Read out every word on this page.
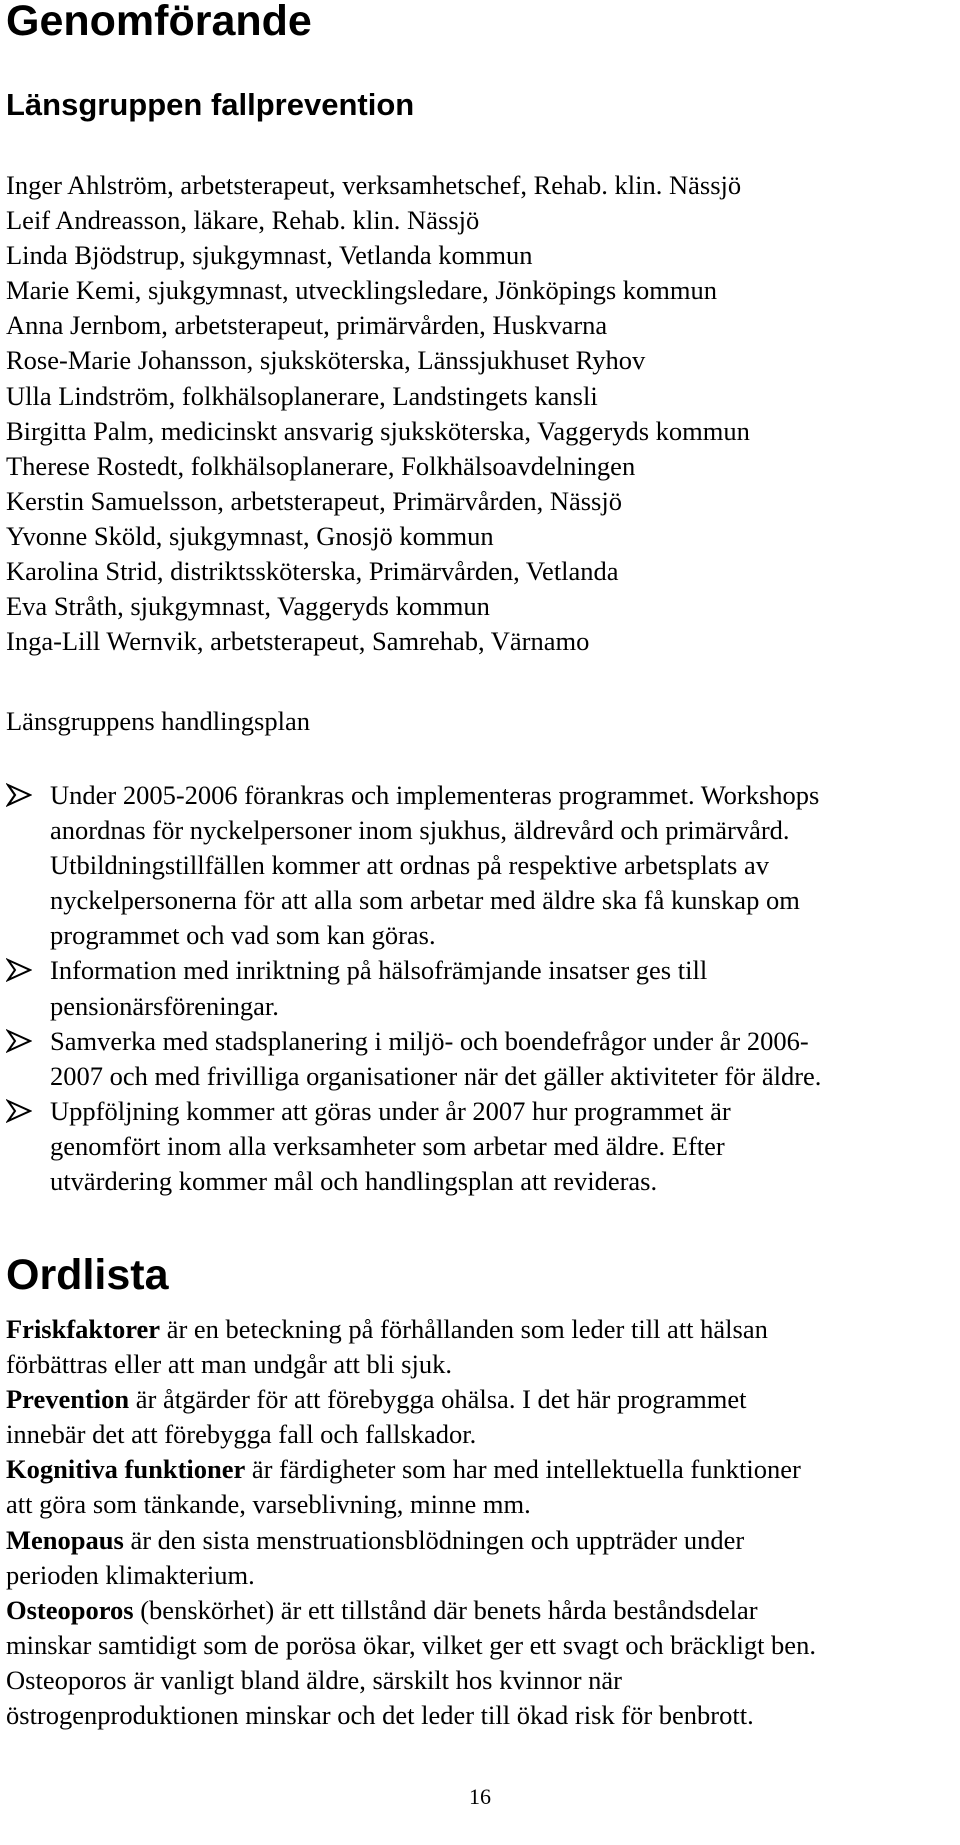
Genomförande
Länsgruppen fallprevention
Inger Ahlström, arbetsterapeut, verksamhetschef, Rehab. klin. Nässjö
Leif Andreasson, läkare, Rehab. klin. Nässjö
Linda Bjödstrup, sjukgymnast, Vetlanda kommun
Marie Kemi, sjukgymnast, utvecklingsledare, Jönköpings kommun
Anna Jernbom, arbetsterapeut, primärvården, Huskvarna
Rose-Marie Johansson, sjuksköterska, Länssjukhuset Ryhov
Ulla Lindström, folkhälsoplanerare, Landstingets kansli
Birgitta Palm, medicinskt ansvarig sjuksköterska, Vaggeryds kommun
Therese Rostedt, folkhälsoplanerare, Folkhälsoavdelningen
Kerstin Samuelsson, arbetsterapeut, Primärvården, Nässjö
Yvonne Sköld, sjukgymnast, Gnosjö kommun
Karolina Strid, distriktssköterska, Primärvården, Vetlanda
Eva Stråth, sjukgymnast, Vaggeryds kommun
Inga-Lill Wernvik, arbetsterapeut, Samrehab, Värnamo
Länsgruppens handlingsplan
Under 2005-2006 förankras och implementeras programmet. Workshops
anordnas för nyckelpersoner inom sjukhus, äldrevård och primärvård.
Utbildningstillfällen kommer att ordnas på respektive arbetsplats av
nyckelpersonerna för att alla som arbetar med äldre ska få kunskap om
programmet och vad som kan göras.
Information med inriktning på hälsofrämjande insatser ges till
pensionärsföreningar.
Samverka med stadsplanering i miljö- och boendefrågor under år 2006-
2007 och med frivilliga organisationer när det gäller aktiviteter för äldre.
Uppföljning kommer att göras under år 2007 hur programmet är
genomfört inom alla verksamheter som arbetar med äldre. Efter
utvärdering kommer mål och handlingsplan att revideras.
Ordlista
Friskfaktorer är en beteckning på förhållanden som leder till att hälsan
förbättras eller att man undgår att bli sjuk.
Prevention är åtgärder för att förebygga ohälsa. I det här programmet
innebär det att förebygga fall och fallskador.
Kognitiva funktioner är färdigheter som har med intellektuella funktioner
att göra som tänkande, varseblivning, minne mm.
Menopaus är den sista menstruationsblödningen och uppträder under
perioden klimakterium.
Osteoporos (benskörhet) är ett tillstånd där benets hårda beståndsdelar
minskar samtidigt som de porösa ökar, vilket ger ett svagt och bräckligt ben.
Osteoporos är vanligt bland äldre, särskilt hos kvinnor när
östrogenproduktionen minskar och det leder till ökad risk för benbrott.
16
